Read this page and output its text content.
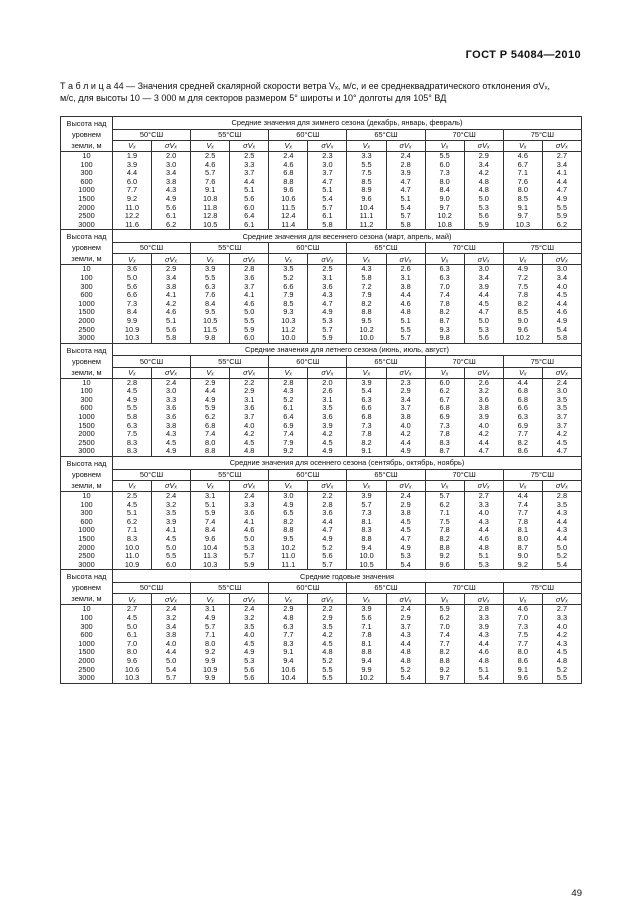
ГОСТ Р 54084—2010
Т а б л и ц а 44 — Значения средней скалярной скорости ветра Vₓ, м/с, и ее среднеквадратического отклонения σVₓ,
м/с, для высоты 10 — 3 000 м для секторов размером 5° широты и 10° долготы для 105° ВД
Высота над уровнем земли, м	Средние значения для зимнего сезона (декабрь, январь, февраль)											
	50°СШ		55°СШ		60°СШ		65°СШ		70°СШ		75°СШ	
	Vₓ	σVₓ	Vₓ	σVₓ	Vₓ	σVₓ	Vₓ	σVₓ	Vₓ	σVₓ	Vₓ	σVₓ
10	1.9	2.0	2.5	2.5	2.4	2.3	3.3	2.4	5.5	2.9	4.6	2.7
100	3.9	3.0	4.6	3.3	4.6	3.0	5.5	2.8	6.0	3.4	6.7	3.4
300	4.4	3.4	5.7	3.7	6.8	3.7	7.5	3.9	7.3	4.2	7.1	4.1
600	6.0	3.8	7.6	4.4	8.8	4.7	8.5	4.7	8.0	4.8	7.6	4.4
1000	7.7	4.3	9.1	5.1	9.6	5.1	8.9	4.7	8.4	4.8	8.0	4.7
1500	9.2	4.9	10.8	5.6	10.6	5.4	9.6	5.1	9.0	5.0	8.5	4.9
2000	11.0	5.6	11.8	6.0	11.5	5.7	10.4	5.4	9.7	5.3	9.1	5.5
2500	12.2	6.1	12.8	6.4	12.4	6.1	11.1	5.7	10.2	5.6	9.7	5.9
3000	11.6	6.2	10.5	6.1	11.4	5.8	11.2	5.8	10.8	5.9	10.3	6.2
Высота над уровнем земли, м	Средние значения для весеннего сезона (март, апрель, май)											
	50°СШ		55°СШ		60°СШ		65°СШ		70°СШ		75°СШ	
	Vₓ	σVₓ	Vₓ	σVₓ	Vₓ	σVₓ	Vₓ	σVₓ	Vₓ	σVₓ	Vₓ	σVₓ
10	3.6	2.9	3.9	2.8	3.5	2.5	4.3	2.6	6.3	3.0	4.9	3.0
100	5.0	3.4	5.5	3.6	5.2	3.1	5.8	3.1	6.3	3.4	7.2	3.4
300	5.6	3.8	6.3	3.7	6.6	3.6	7.2	3.8	7.0	3.9	7.5	4.0
600	6.6	4.1	7.6	4.1	7.9	4.3	7.9	4.4	7.4	4.4	7.8	4.5
1000	7.3	4.2	8.4	4.6	8.5	4.7	8.2	4.6	7.8	4.5	8.2	4.4
1500	8.4	4.6	9.5	5.0	9.3	4.9	8.8	4.8	8.2	4.7	8.5	4.6
2000	9.9	5.1	10.5	5.5	10.3	5.3	9.5	5.1	8.7	5.0	9.0	4.9
2500	10.9	5.6	11.5	5.9	11.2	5.7	10.2	5.5	9.3	5.3	9.6	5.4
3000	10.3	5.8	9.8	6.0	10.0	5.9	10.0	5.7	9.8	5.6	10.2	5.8
Высота над уровнем земли, м	Средние значения для летнего сезона (июнь, июль, август)											
	50°СШ		55°СШ		60°СШ		65°СШ		70°СШ		75°СШ	
	Vₓ	σVₓ	Vₓ	σVₓ	Vₓ	σVₓ	Vₓ	σVₓ	Vₓ	σVₓ	Vₓ	σVₓ
10	2.8	2.4	2.9	2.2	2.8	2.0	3.9	2.3	6.0	2.6	4.4	2.4
100	4.5	3.0	4.4	2.9	4.3	2.6	5.4	2.9	6.2	3.2	6.8	3.0
300	4.9	3.3	4.9	3.1	5.2	3.1	6.3	3.4	6.7	3.6	6.8	3.5
600	5.5	3.6	5.9	3.6	6.1	3.5	6.6	3.7	6.8	3.8	6.6	3.5
1000	5.8	3.6	6.2	3.7	6.4	3.6	6.8	3.8	6.9	3.9	6.3	3.7
1500	6.3	3.8	6.8	4.0	6.9	3.9	7.3	4.0	7.3	4.0	6.9	3.7
2000	7.5	4.3	7.4	4.2	7.4	4.2	7.8	4.2	7.8	4.2	7.7	4.2
2500	8.3	4.5	8.0	4.5	7.9	4.5	8.2	4.4	8.3	4.4	8.2	4.5
3000	8.3	4.9	8.8	4.8	9.2	4.9	9.1	4.9	8.7	4.7	8.6	4.7
Высота над уровнем земли, м	Средние значения для осеннего сезона (сентябрь, октябрь, ноябрь)											
	50°СШ		55°СШ		60°СШ		65°СШ		70°СШ		75°СШ	
	Vₓ	σVₓ	Vₓ	σVₓ	Vₓ	σVₓ	Vₓ	σVₓ	Vₓ	σVₓ	Vₓ	σVₓ
10	2.5	2.4	3.1	2.4	3.0	2.2	3.9	2.4	5.7	2.7	4.4	2.8
100	4.5	3.2	5.1	3.3	4.9	2.8	5.7	2.9	6.2	3.3	7.4	3.5
300	5.1	3.5	5.9	3.6	6.5	3.6	7.3	3.8	7.1	4.0	7.7	4.3
600	6.2	3.9	7.4	4.1	8.2	4.4	8.1	4.5	7.5	4.3	7.8	4.4
1000	7.1	4.1	8.4	4.6	8.8	4.7	8.3	4.5	7.8	4.4	8.1	4.3
1500	8.3	4.5	9.6	5.0	9.5	4.9	8.8	4.7	8.2	4.6	8.0	4.4
2000	10.0	5.0	10.4	5.3	10.2	5.2	9.4	4.9	8.8	4.8	8.7	5.0
2500	11.0	5.5	11.3	5.7	11.0	5.6	10.0	5.3	9.2	5.1	9.0	5.2
3000	10.9	6.0	10.3	5.9	11.1	5.7	10.5	5.4	9.6	5.3	9.2	5.4
Высота над уровнем земли, м	Средние годовые значения											
	50°СШ		55°СШ		60°СШ		65°СШ		70°СШ		75°СШ	
	Vₓ	σVₓ	Vₓ	σVₓ	Vₓ	σVₓ	Vₓ	σVₓ	Vₓ	σVₓ	Vₓ	σVₓ
10	2.7	2.4	3.1	2.4	2.9	2.2	3.9	2.4	5.9	2.8	4.6	2.7
100	4.5	3.2	4.9	3.2	4.8	2.9	5.6	2.9	6.2	3.3	7.0	3.3
300	5.0	3.4	5.7	3.5	6.3	3.5	7.1	3.7	7.0	3.9	7.3	4.0
600	6.1	3.8	7.1	4.0	7.7	4.2	7.8	4.3	7.4	4.3	7.5	4.2
1000	7.0	4.0	8.0	4.5	8.3	4.5	8.1	4.4	7.7	4.4	7.7	4.3
1500	8.0	4.4	9.2	4.9	9.1	4.8	8.8	4.8	8.2	4.6	8.0	4.5
2000	9.6	5.0	9.9	5.3	9.4	5.2	9.4	4.8	8.8	4.8	8.6	4.8
2500	10.6	5.4	10.9	5.6	10.6	5.5	9.9	5.2	9.2	5.1	9.1	5.2
3000	10.3	5.7	9.9	5.6	10.4	5.5	10.2	5.4	9.7	5.4	9.6	5.5
49
